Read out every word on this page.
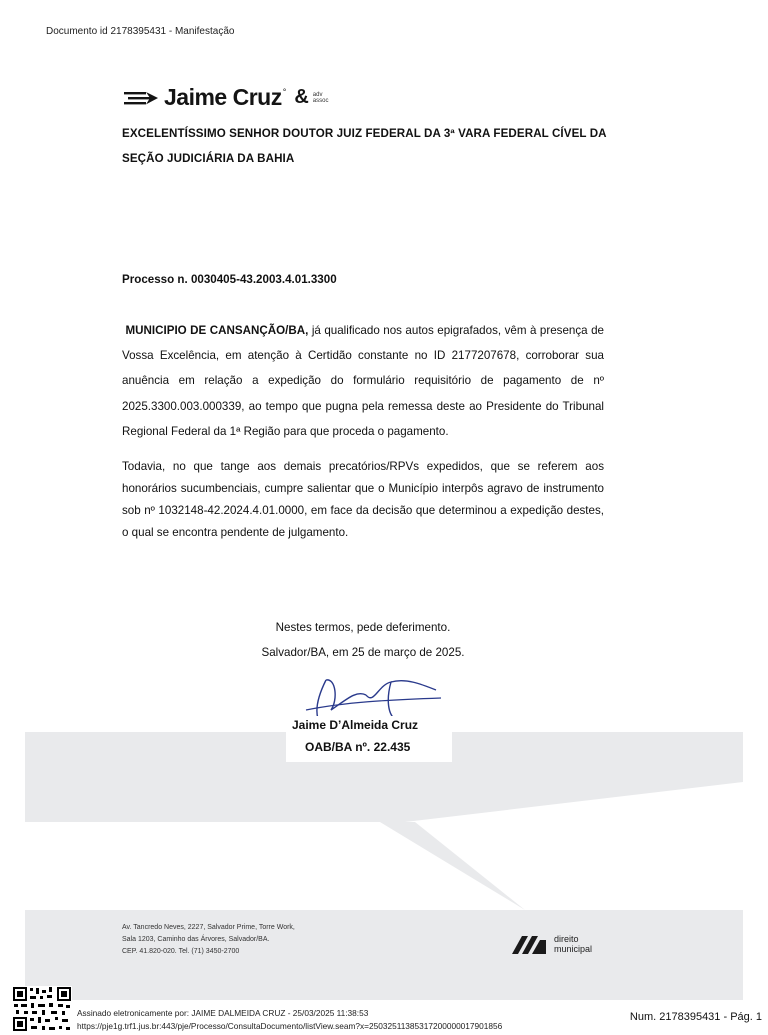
Documento id 2178395431 - Manifestação
Jaime Cruz ° & adv
assoc
EXCELENTÍSSIMO SENHOR DOUTOR JUIZ FEDERAL DA 3ª VARA FEDERAL CÍVEL DA
SEÇÃO JUDICIÁRIA DA BAHIA
Processo n. 0030405-43.2003.4.01.3300

MUNICIPIO DE CANSANÇÃO/BA, já qualificado nos autos epigrafados, vêm à presença de Vossa Excelência, em atenção à Certidão constante no ID 2177207678, corroborar sua anuência em relação a expedição do formulário requisitório de pagamento de nº 2025.3300.003.000339, ao tempo que pugna pela remessa deste ao Presidente do Tribunal Regional Federal da 1ª Região para que proceda o pagamento.

Todavia, no que tange aos demais precatórios/RPVs expedidos, que se referem aos honorários sucumbenciais, cumpre salientar que o Município interpôs agravo de instrumento sob nº 1032148-42.2024.4.01.0000, em face da decisão que determinou a expedição destes, o qual se encontra pendente de julgamento.

Nestes termos, pede deferimento.
Salvador/BA, em 25 de março de 2025.
Jaime D’Almeida Cruz
OAB/BA nº. 22.435
Av. Tancredo Neves, 2227, Salvador Prime, Torre Work,
Sala 1203, Caminho das Árvores, Salvador/BA.
CEP. 41.820-020. Tel. (71) 3450-2700
direito
municipal
Assinado eletronicamente por: JAIME DALMEIDA CRUZ - 25/03/2025 11:38:53
https://pje1g.trf1.jus.br:443/pje/Processo/ConsultaDocumento/listView.seam?x=25032511385317200000017901856
Num. 2178395431 - Pág. 1
